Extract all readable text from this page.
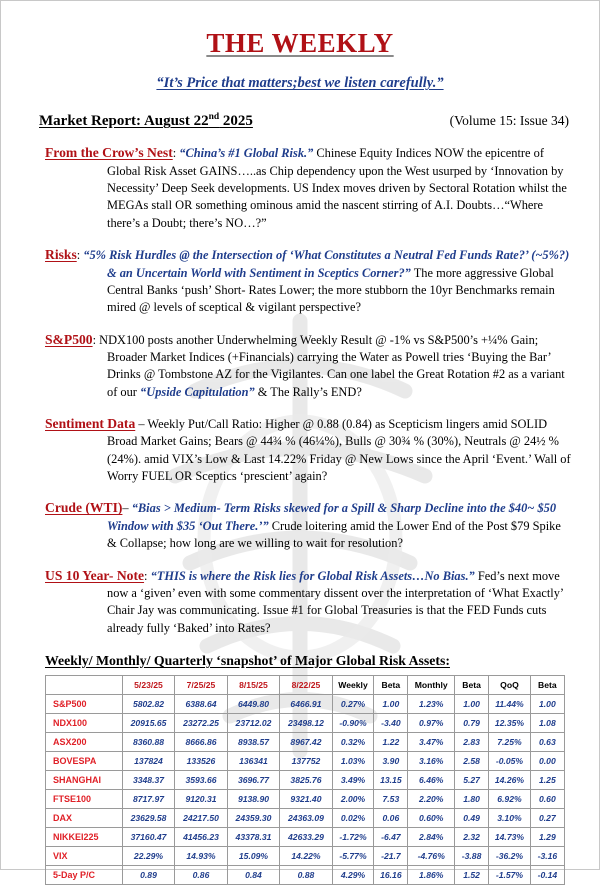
THE WEEKLY
“It’s Price that matters;best we listen carefully.”
Market Report: August 22nd 2025	(Volume 15: Issue 34)

From the Crow’s Nest: “China’s #1 Global Risk.” Chinese Equity Indices NOW the epicentre of Global Risk Asset GAINS…..as Chip dependency upon the West usurped by ‘Innovation by Necessity’ Deep Seek developments. US Index moves driven by Sectoral Rotation whilst the MEGAs stall OR something ominous amid the nascent stirring of A.I. Doubts…“Where there’s a Doubt; there’s NO…?”

Risks: “5% Risk Hurdles @ the Intersection of ‘What Constitutes a Neutral Fed Funds Rate?’ (~5%?) & an Uncertain World with Sentiment in Sceptics Corner?” The more aggressive Global Central Banks ‘push’ Short- Rates Lower; the more stubborn the 10yr Benchmarks remain mired @ levels of sceptical & vigilant perspective?

S&P500: NDX100 posts another Underwhelming Weekly Result @ -1% vs S&P500’s +¼% Gain; Broader Market Indices (+Financials) carrying the Water as Powell tries ‘Buying the Bar’ Drinks @ Tombstone AZ for the Vigilantes. Can one label the Great Rotation #2 as a variant of our “Upside Capitulation” & The Rally’s END?

Sentiment Data – Weekly Put/Call Ratio: Higher @ 0.88 (0.84) as Scepticism lingers amid SOLID Broad Market Gains; Bears @ 44¾ % (46¼%), Bulls @ 30¾ % (30%), Neutrals @ 24½ % (24%). amid VIX’s Low & Last 14.22% Friday @ New Lows since the April ‘Event.’ Wall of Worry FUEL OR Sceptics ‘prescient’ again?

Crude (WTI)– “Bias > Medium- Term Risks skewed for a Spill & Sharp Decline into the $40~ $50 Window with $35 ‘Out There.’” Crude loitering amid the Lower End of the Post $79 Spike & Collapse; how long are we willing to wait for resolution?

US 10 Year- Note: “THIS is where the Risk lies for Global Risk Assets…No Bias.” Fed’s next move now a ‘given’ even with some commentary dissent over the interpretation of ‘What Exactly’ Chair Jay was communicating. Issue #1 for Global Treasuries is that the FED Funds cuts already fully ‘Baked’ into Rates?

Weekly/ Monthly/ Quarterly ‘snapshot’ of Major Global Risk Assets:
	5/23/25	7/25/25	8/15/25	8/22/25	Weekly	Beta	Monthly	Beta	QoQ	Beta
S&P500	5802.82	6388.64	6449.80	6466.91	0.27%	1.00	1.23%	1.00	11.44%	1.00
NDX100	20915.65	23272.25	23712.02	23498.12	-0.90%	-3.40	0.97%	0.79	12.35%	1.08
ASX200	8360.88	8666.86	8938.57	8967.42	0.32%	1.22	3.47%	2.83	7.25%	0.63
BOVESPA	137824	133526	136341	137752	1.03%	3.90	3.16%	2.58	-0.05%	0.00
SHANGHAI	3348.37	3593.66	3696.77	3825.76	3.49%	13.15	6.46%	5.27	14.26%	1.25
FTSE100	8717.97	9120.31	9138.90	9321.40	2.00%	7.53	2.20%	1.80	6.92%	0.60
DAX	23629.58	24217.50	24359.30	24363.09	0.02%	0.06	0.60%	0.49	3.10%	0.27
NIKKEI225	37160.47	41456.23	43378.31	42633.29	-1.72%	-6.47	2.84%	2.32	14.73%	1.29
VIX	22.29%	14.93%	15.09%	14.22%	-5.77%	-21.7	-4.76%	-3.88	-36.2%	-3.16
5-Day P/C	0.89	0.86	0.84	0.88	4.29%	16.16	1.86%	1.52	-1.57%	-0.14
